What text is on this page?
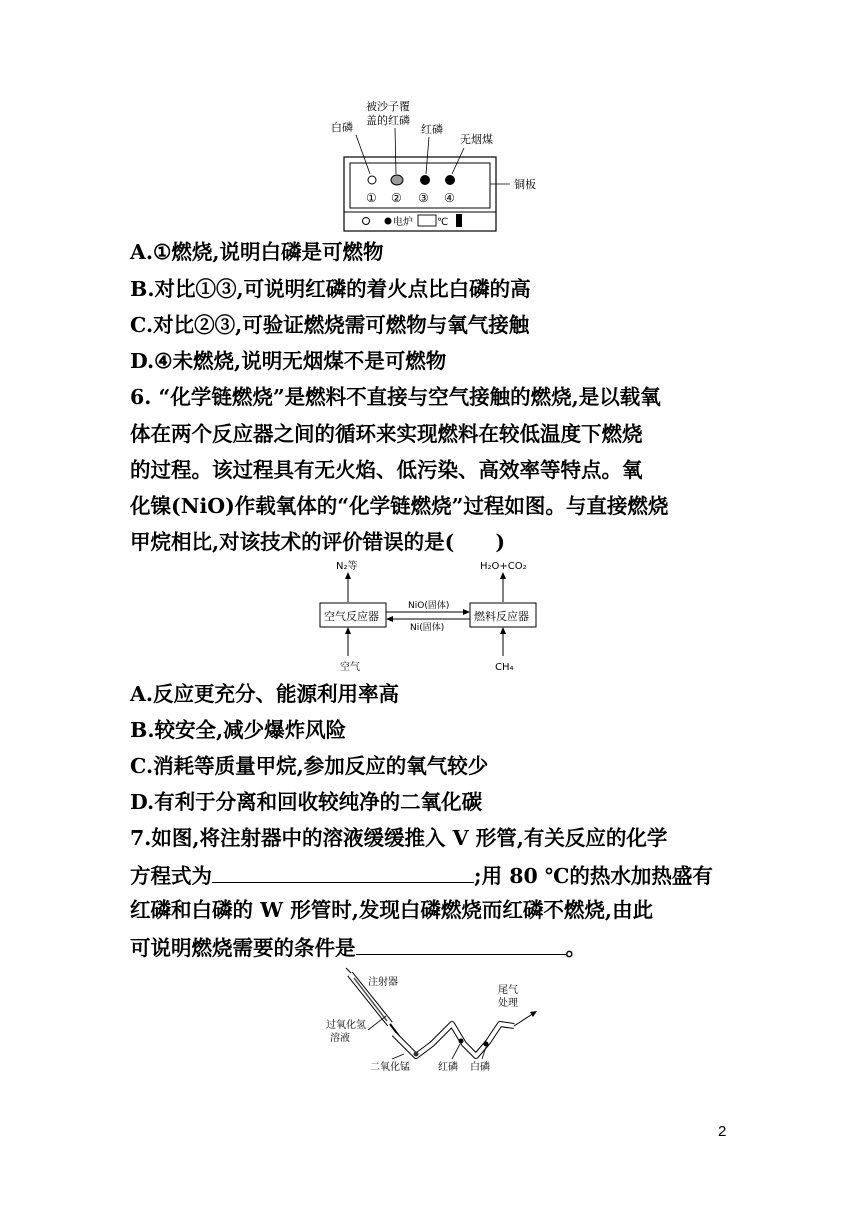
白磷
被沙子覆
盖的红磷
红磷
无烟煤
① ② ③ ④
铜板
电炉 ℃
A.①燃烧,说明白磷是可燃物
B.对比①③,可说明红磷的着火点比白磷的高
C.对比②③,可验证燃烧需可燃物与氧气接触
D.④未燃烧,说明无烟煤不是可燃物
6. “化学链燃烧”是燃料不直接与空气接触的燃烧,是以载氧
体在两个反应器之间的循环来实现燃料在较低温度下燃烧
的过程。该过程具有无火焰、低污染、高效率等特点。氧
化镍(NiO)作载氧体的“化学链燃烧”过程如图。与直接燃烧
甲烷相比,对该技术的评价错误的是(　　)
N₂等	H₂O+CO₂
空气反应器	燃料反应器
NiO(固体)
Ni(固体)
空气	CH₄
A.反应更充分、能源利用率高
B.较安全,减少爆炸风险
C.消耗等质量甲烷,参加反应的氧气较少
D.有利于分离和回收较纯净的二氧化碳
7.如图,将注射器中的溶液缓缓推入 V 形管,有关反应的化学
方程式为	;用 80 ℃的热水加热盛有
红磷和白磷的 W 形管时,发现白磷燃烧而红磷不燃烧,由此
可说明燃烧需要的条件是	。
注射器
尾气
处理
过氧化氢
溶液
二氧化锰	红磷 白磷
2
